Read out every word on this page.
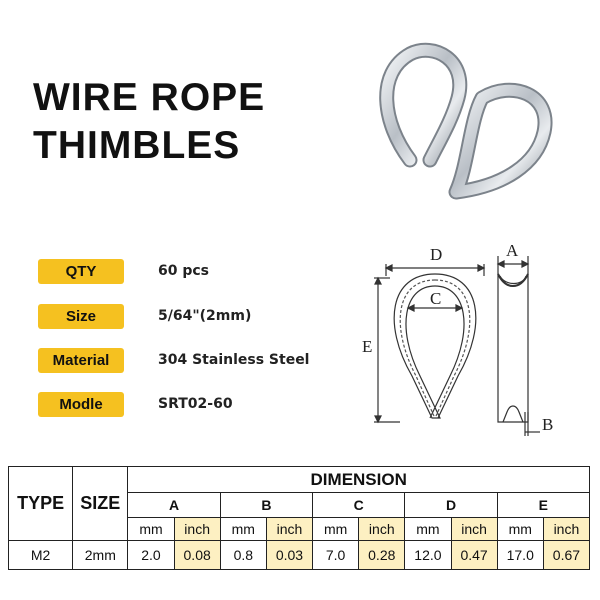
WIRE ROPE
THIMBLES
QTY	60 pcs
Size	5/64"(2mm)
Material	304 Stainless Steel
Modle	SRT02-60
D	A
C
E
B
TYPE	SIZE	DIMENSION									
		A		B		C		D		E	
		mm	inch	mm	inch	mm	inch	mm	inch	mm	inch
M2	2mm	2.0	0.08	0.8	0.03	7.0	0.28	12.0	0.47	17.0	0.67
